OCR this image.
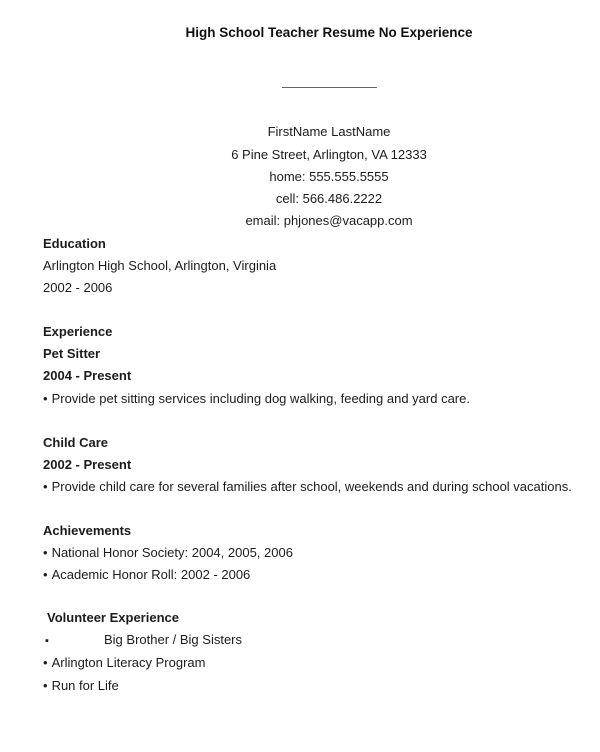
High School Teacher Resume No Experience

FirstName LastName

6 Pine Street, Arlington, VA 12333

home: 555.555.5555

cell: 566.486.2222

email: phjones@vacapp.com

Education

Arlington High School, Arlington, Virginia

2002 - 2006

Experience

Pet Sitter

2004 - Present

• Provide pet sitting services including dog walking, feeding and yard care.

Child Care

2002 - Present

• Provide child care for several families after school, weekends and during school vacations.

Achievements

• National Honor Society: 2004, 2005, 2006

• Academic Honor Roll: 2002 - 2006

Volunteer Experience

▪	Big Brother / Big Sisters

• Arlington Literacy Program

• Run for Life
